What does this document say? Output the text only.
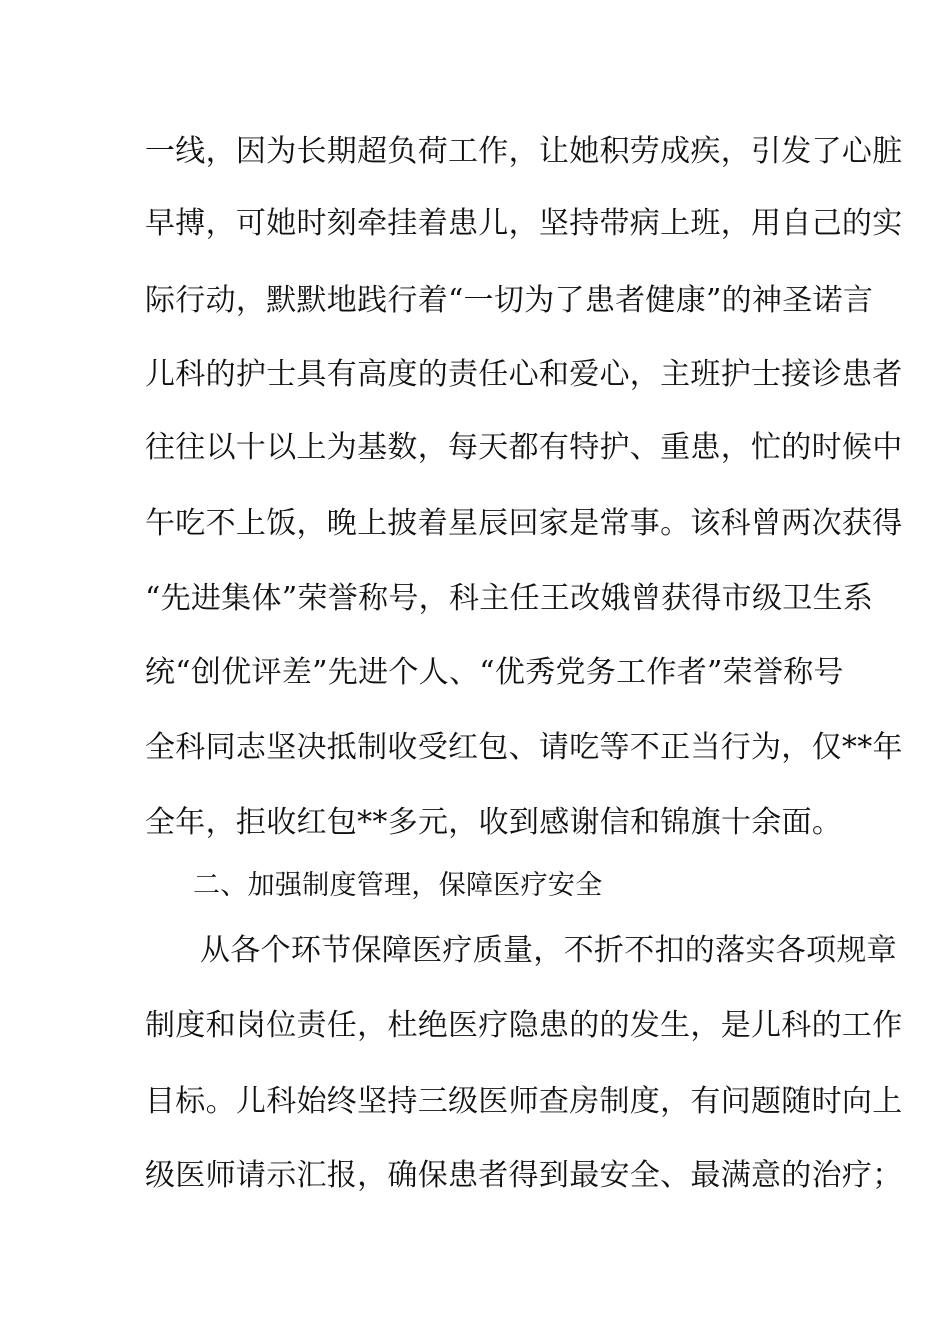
一线，因为长期超负荷工作，让她积劳成疾，引发了心脏
早搏，可她时刻牵挂着患儿，坚持带病上班，用自己的实
际行动，默默地践行着“一切为了患者健康”的神圣诺言
儿科的护士具有高度的责任心和爱心，主班护士接诊患者
往往以十以上为基数，每天都有特护、重患，忙的时候中
午吃不上饭，晚上披着星辰回家是常事。该科曾两次获得
“先进集体”荣誉称号，科主任王改娥曾获得市级卫生系
统“创优评差”先进个人、“优秀党务工作者”荣誉称号
全科同志坚决抵制收受红包、请吃等不正当行为，仅**年
全年，拒收红包**多元，收到感谢信和锦旗十余面。
二、加强制度管理，保障医疗安全
从各个环节保障医疗质量，不折不扣的落实各项规章
制度和岗位责任，杜绝医疗隐患的的发生，是儿科的工作
目标。儿科始终坚持三级医师查房制度，有问题随时向上
级医师请示汇报，确保患者得到最安全、最满意的治疗；
